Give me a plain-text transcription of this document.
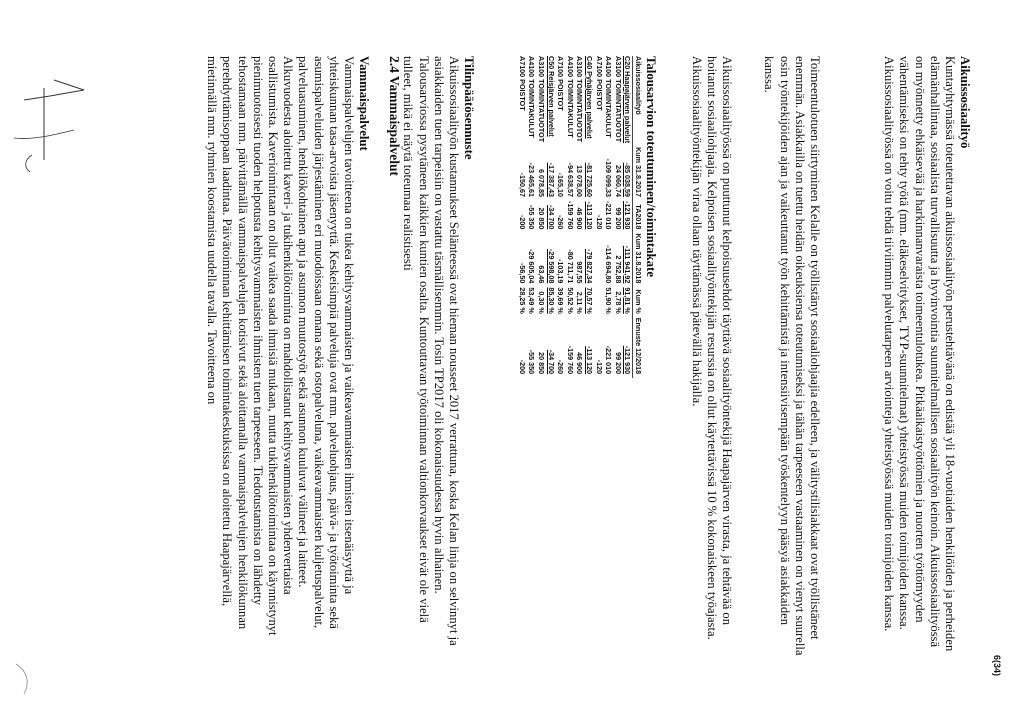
6(34)

Aikuissosiaalityö

Kuntayhtymässä toteutettavan aikuissosiaalityön perustehtävänä on edistää yli 18-vuotiaiden henkilöiden ja perheiden elämänhallintaa, sosiaalista turvallisuutta ja hyvinvointia suunnitelmallisen sosiaalityön keinoin. Aikuissosiaalityössä on myönnetty ehkäisevää ja harkinnanvaraista toimeentulotukea. Pitkäaikaistyöttömien ja nuorten työttömyyden vähentämiseksi on tehty työtä (mm. eläkeselvitykset, TYP-suunnitelmat) yhteistyössä muiden toimijoiden kanssa. Aikuissosiaalityössä on voitu tehdä tiiviimmin palvelutarpeen arviointeja yhteistyössä muiden toimijoiden kanssa.

Toimeentulotuen siirtyminen Kelalle on työllistänyt sosiaaliohjaajia edelleen, ja välitystilisiakkaat ovat työllistäneet enemmän. Asiakkailla on tuettu heidän oikeuksiensa toteutumiseksi ja tähän tarpeeseen vastaaminen on vienyt suurella osin työntekijöiden ajan ja vaikeuttanut työn kehittämistä ja intensiivisempään työskentelyyn pääsyä asiakkaiden kanssa.

Aikuissosiaalityössä on puuttunut kelpoisuusehdot täyttävä sosiaalityöntekijä Haapajärven virasta, ja tehtävää on hoitanut sosiaaliohjaaja. Kelpoisen sosiaalityöntekijän resurssia on ollut käytettävissä 10 % kokonaiskeen työajasta. Aikuissosiaalityöntekijän viraa ollaan täyttämässä pätevällä hakijalla.

Talousarvion toteutuminen/toimintakate

Aikuissosiaalityö	Kum 31.8.2017	TA2018	Kum 31.8.2018	Kum %	Ennuste 12/2018
C20 Haapajärven palvelut	-85 038,59	-121 930	-111 941,92	91,81 %	-121 930
A3100 TOIMINTATUOTOT	24 060,74	99 200	2 752,88	2,78 %	99 200
A4100 TOIMINTAKULUT	-109 099,33	-221 010	-114 694,80	51,90 %	-221 010
A7100 POISTOT		-120			-120
C40 Pyhäjärven palvelut	-81 725,60	-113 120	-79 827,34	70,57 %	-113 120
A3100 TOIMINTATUOTOT	13 078,00	46 900	987,55	2,11 %	46 900
A4100 TOIMINTAKULUT	-94 638,57	-159 760	-80 711,71	50,52 %	-159 760
A7100 POISTOT	-165,10	-260	-103,19	39,69 %	-260
C50 Reisjärven palvelut	-17 387,43	-34 700	-29 598,08	85,30 %	-34 700
A3100 TOIMINTATUOTOT	6 078,85	20 850	63,46	0,30 %	20 850
A4100 TOIMINTAKULUT	-23 465,61	-55 350	-29 605,04	53,49 %	-55 350
A7100 POISTOT	-150,67	-200	-56,50	28,25 %	-200

Tilinpäätösennuste

Aikuissosiaalityön kustannukset Selänteessä ovat hieman nousseet 2017 verrattuna, koska Kelan linja on selvinnyt ja asiakkaiden tuen tarpeisiin on vastattu täsmällisemmin. Tosin TP2017 oli kokonaisuudessa hyvin alhainen. Talousarviossa pysytäneen kaikkien kuntien osalta. Kuntouttavan työtoiminnan valtionkorvaukset eivät ole vielä tulleet, mikä ei näytä toteumaa realistisesti

2.4 Vammaispalvelut

Vammaispalvelut

Vammaispalvelujen tavoitteena on tukea kehitysvammaisten ja vaikeavammaisten ihmisten itsenäisyyttä ja yhteiskunnan tasa-arvoista jäsenyyttä. Keskeisimpiä palveluja ovat mm. palveluohjaus, päivä- ja työtoiminta sekä asumispalveluiden järjestäminen eri muodoissaan omana sekä ostopalveluna, vaikeavammaisten kuljetuspalvelut, palveluasuminen, henkilökohtainen apu ja asunnon muutostyöt sekä asunnon kuuluvat välineet ja laitteet. Alkuvuodesta aloitettu kaveri- ja tukihenkilötoiminta on mahdollistanut kehitysvammaisten yhdenvertaista osallistumista. Kaverioimintaan on ollut vaikea saada ihmisiä mukaan, mutta tukihenkilötoimintaa on käynnistynyt pienimuotoisesti tuoden helpotusta kehitysvammaisten ihmisten tuen tarpeeseen. Tiedotustamista on lähdetty tehostamaan mm. päivittämällä vammaispalvelujen kotisivut sekä aloittamalla vammaispalvelujen henkilökunnan perehdyttämisoppaan laadintaa. Päivätoiminnan kehittämisen toimintakeskuksissa on aloitettu Haapajärvellä, mietinnällä mm. ryhmien koostamista uudella tavalla. Tavoitteena on
